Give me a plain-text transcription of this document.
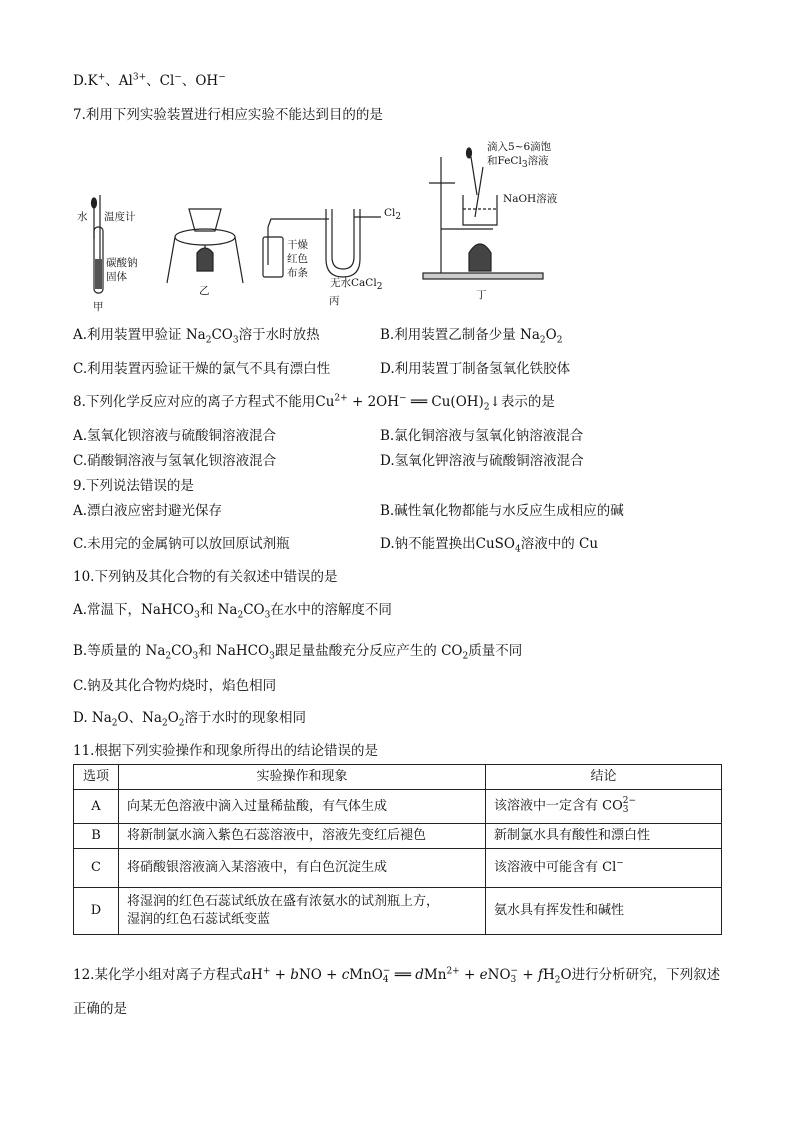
D.K+、$Al^{3+}$、Cl−、OH−
7.利用下列实验装置进行相应实验不能达到目的的是
水 温度计
碳酸钠
固体
甲
乙
$Cl_2$
干燥
红色
布条
无水CaCl$_2$
丙
滴入5~6滴饱
和FeCl$_3$溶液
NaOH溶液
丁
A.利用装置甲验证 $Na_2CO_3$溶于水时放热	B.利用装置乙制备少量 $Na_2O_2$
C.利用装置丙验证干燥的氯气不具有漂白性	D.利用装置丁制备氢氧化铁胶体
8.下列化学反应对应的离子方程式不能用$Cu^{2+} + 2OH^-$ ══ $Cu(OH)_2↓$表示的是
A.氢氧化钡溶液与硫酸铜溶液混合	B.氯化铜溶液与氢氧化钠溶液混合
C.硝酸铜溶液与氢氧化钡溶液混合	D.氢氧化钾溶液与硫酸铜溶液混合
9.下列说法错误的是
A.漂白液应密封避光保存	B.碱性氧化物都能与水反应生成相应的碱
C.未用完的金属钠可以放回原试剂瓶	D.钠不能置换出CuSO$_4$溶液中的 Cu
10.下列钠及其化合物的有关叙述中错误的是
A.常温下，NaHCO$_3$和 $Na_2CO_3$在水中的溶解度不同
B.等质量的 $Na_2CO_3$和 NaHCO$_3$跟足量盐酸充分反应产生的 $CO_2$质量不同
C.钠及其化合物灼烧时，焰色相同
D. $Na_2O$、$Na_2O_2$溶于水时的现象相同
11.根据下列实验操作和现象所得出的结论错误的是
选项	实验操作和现象	结论
A	向某无色溶液中滴入过量稀盐酸，有气体生成	该溶液中一定含有 CO 2−
3

B	将新制氯水滴入紫色石蕊溶液中，溶液先变红后褪色	新制氯水具有酸性和漂白性
C	将硝酸银溶液滴入某溶液中，有白色沉淀生成	该溶液中可能含有 Cl−
D	将湿润的红色石蕊试纸放在盛有浓氨水的试剂瓶上方，
湿润的红色石蕊试纸变蓝	氨水具有挥发性和碱性
12.某化学小组对离子方程式aH+ + bNO + cMnO −
4 ══ dMn$^{2+}$ + eNO −
$3 + fH_2O$进行分析研究，下列叙述
正确的是
